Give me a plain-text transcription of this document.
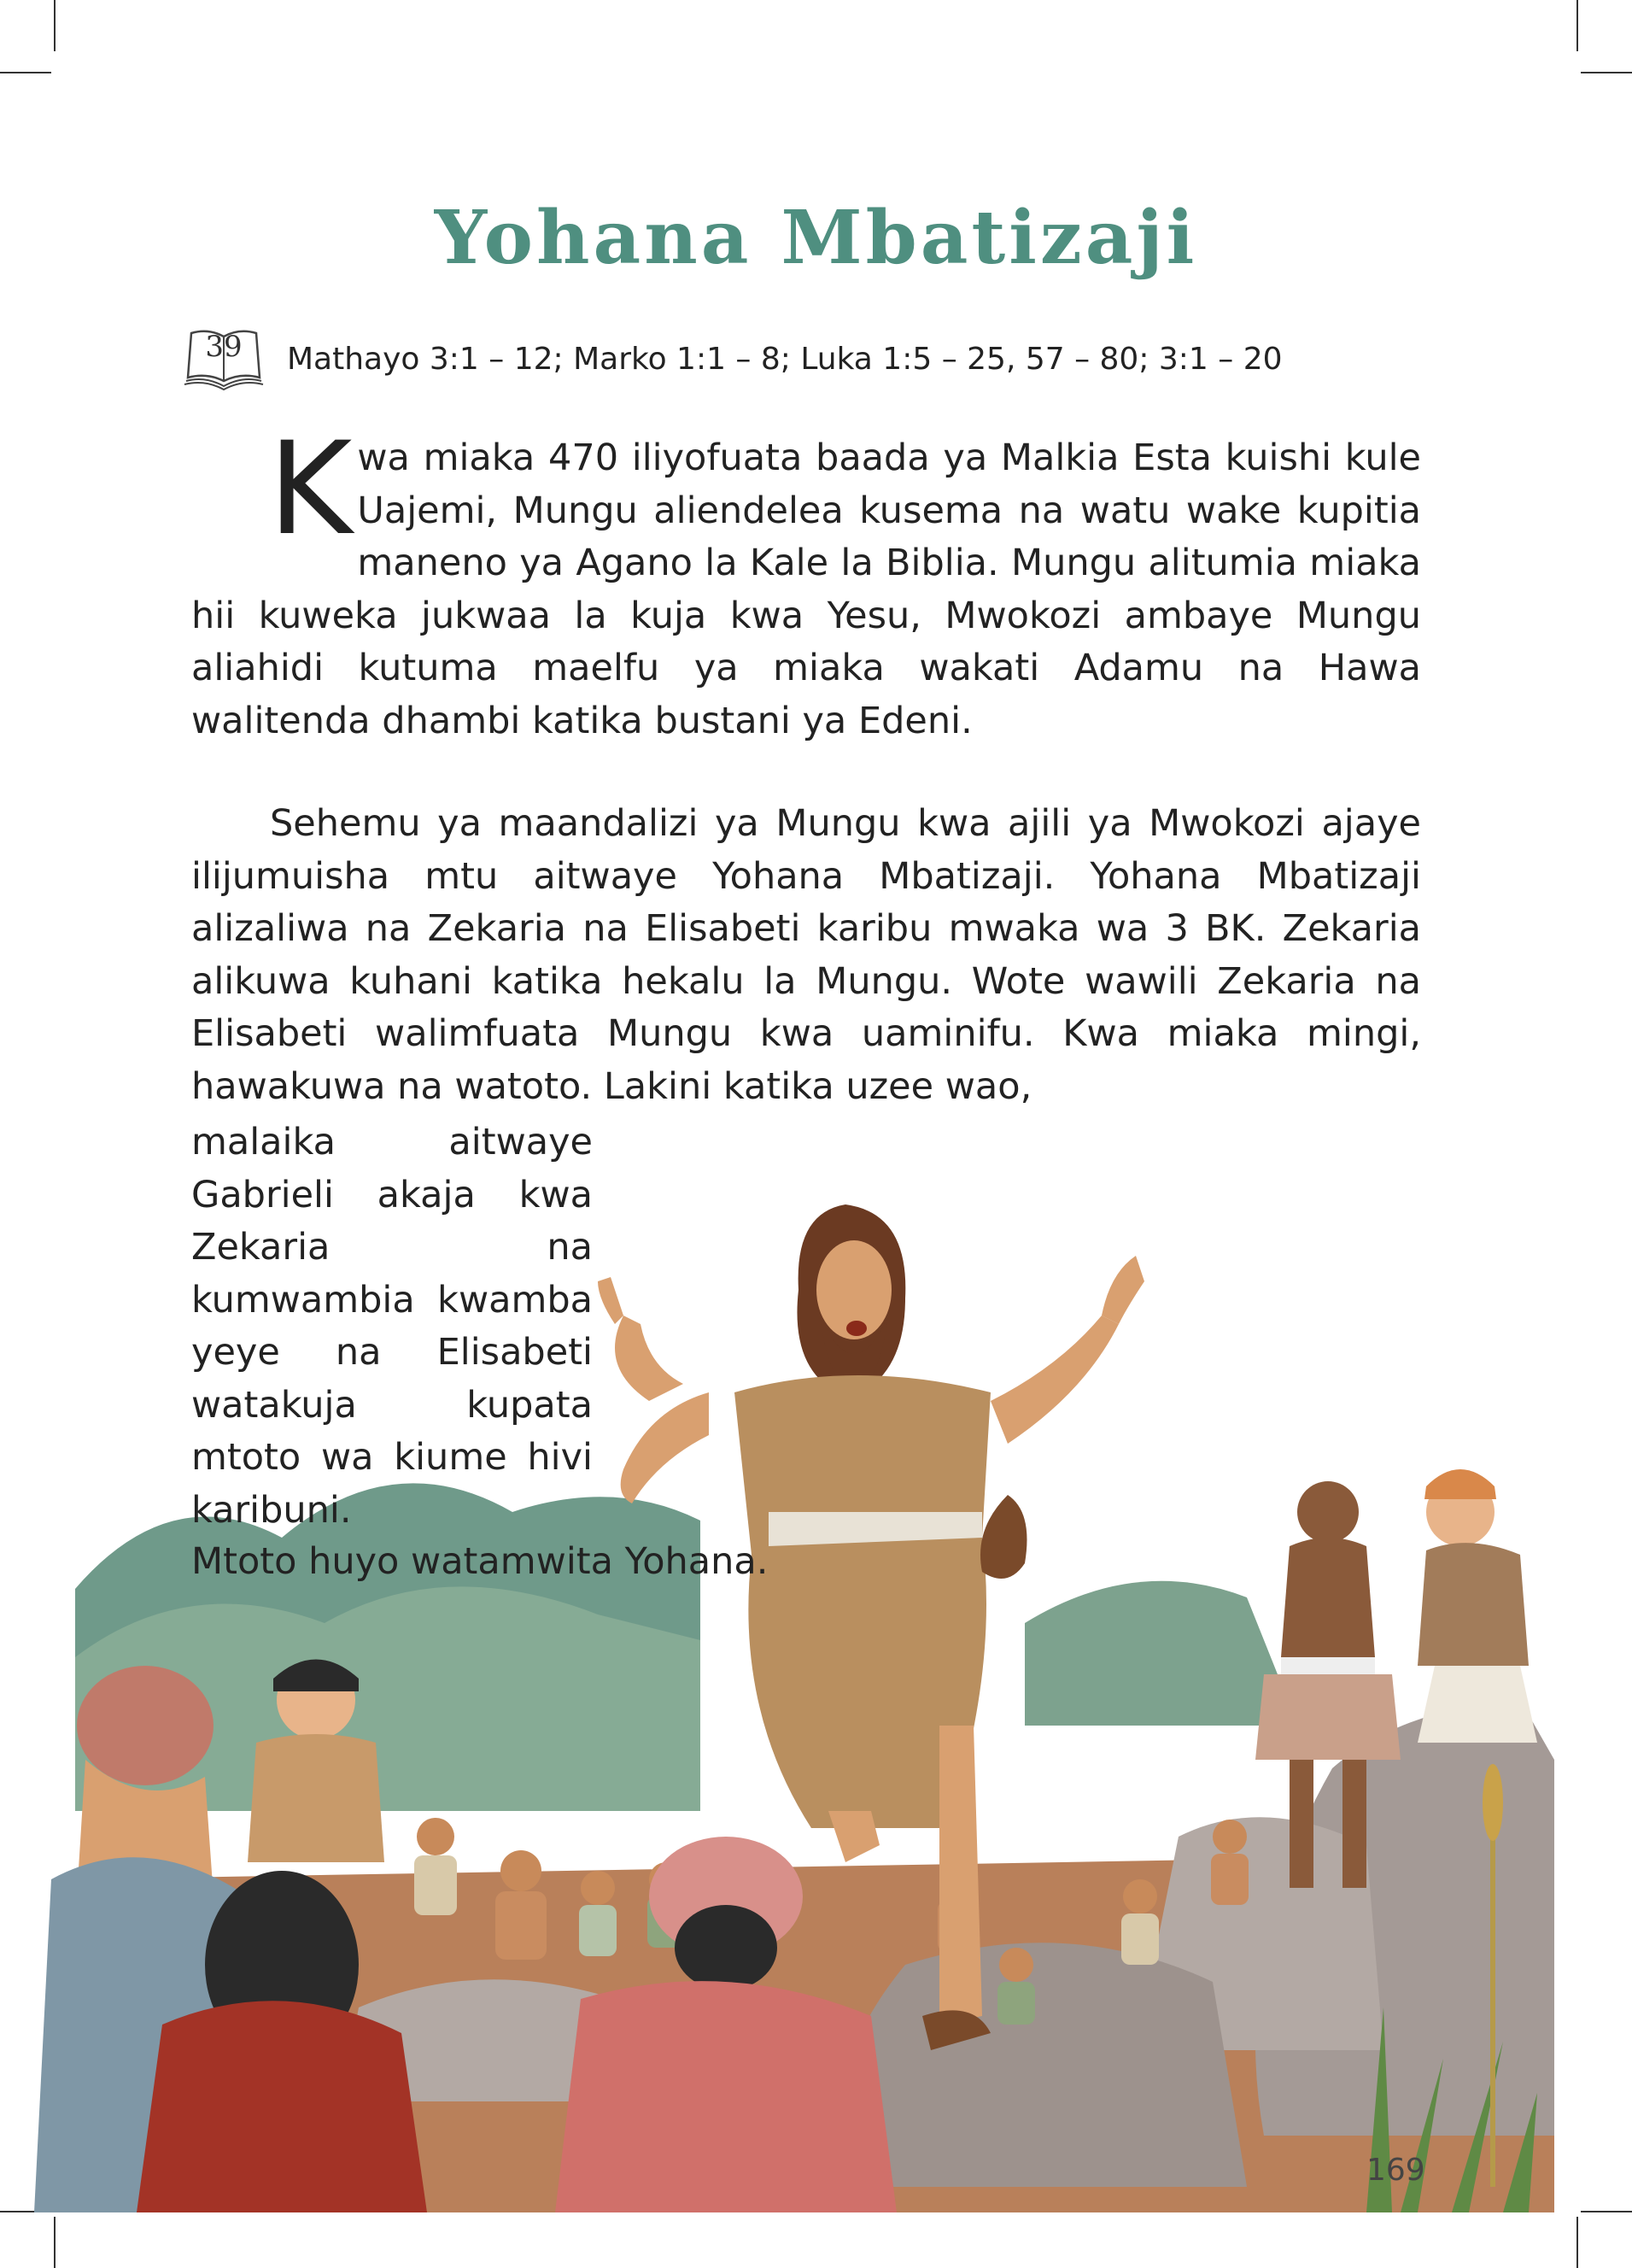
Yohana Mbatizaji
39 Mathayo 3:1 – 12; Marko 1:1 – 8; Luka 1:5 – 25, 57 – 80; 3:1 – 20

Kwa miaka 470 iliyofuata baada ya Malkia Esta kuishi kule Uajemi, Mungu aliendelea kusema na watu wake kupitia maneno ya Agano la Kale la Biblia. Mungu alitumia miaka hii kuweka jukwaa la kuja kwa Yesu, Mwokozi ambaye Mungu aliahidi kutuma maelfu ya miaka wakati Adamu na Hawa walitenda dhambi katika bustani ya Edeni.

Sehemu ya maandalizi ya Mungu kwa ajili ya Mwokozi ajaye ilijumuisha mtu aitwaye Yohana Mbatizaji. Yohana Mbatizaji alizaliwa na Zekaria na Elisabeti karibu mwaka wa 3 BK. Zekaria alikuwa kuhani katika hekalu la Mungu. Wote wawili Zekaria na Elisabeti walimfuata Mungu kwa uaminifu. Kwa miaka mingi, hawakuwa na watoto. Lakini katika uzee wao,

malaika aitwaye Gabrieli akaja kwa Zekaria na kumwambia kwamba yeye na Elisabeti watakuja kupata mtoto wa kiume hivi karibuni.

Mtoto huyo watamwita Yohana.

169
